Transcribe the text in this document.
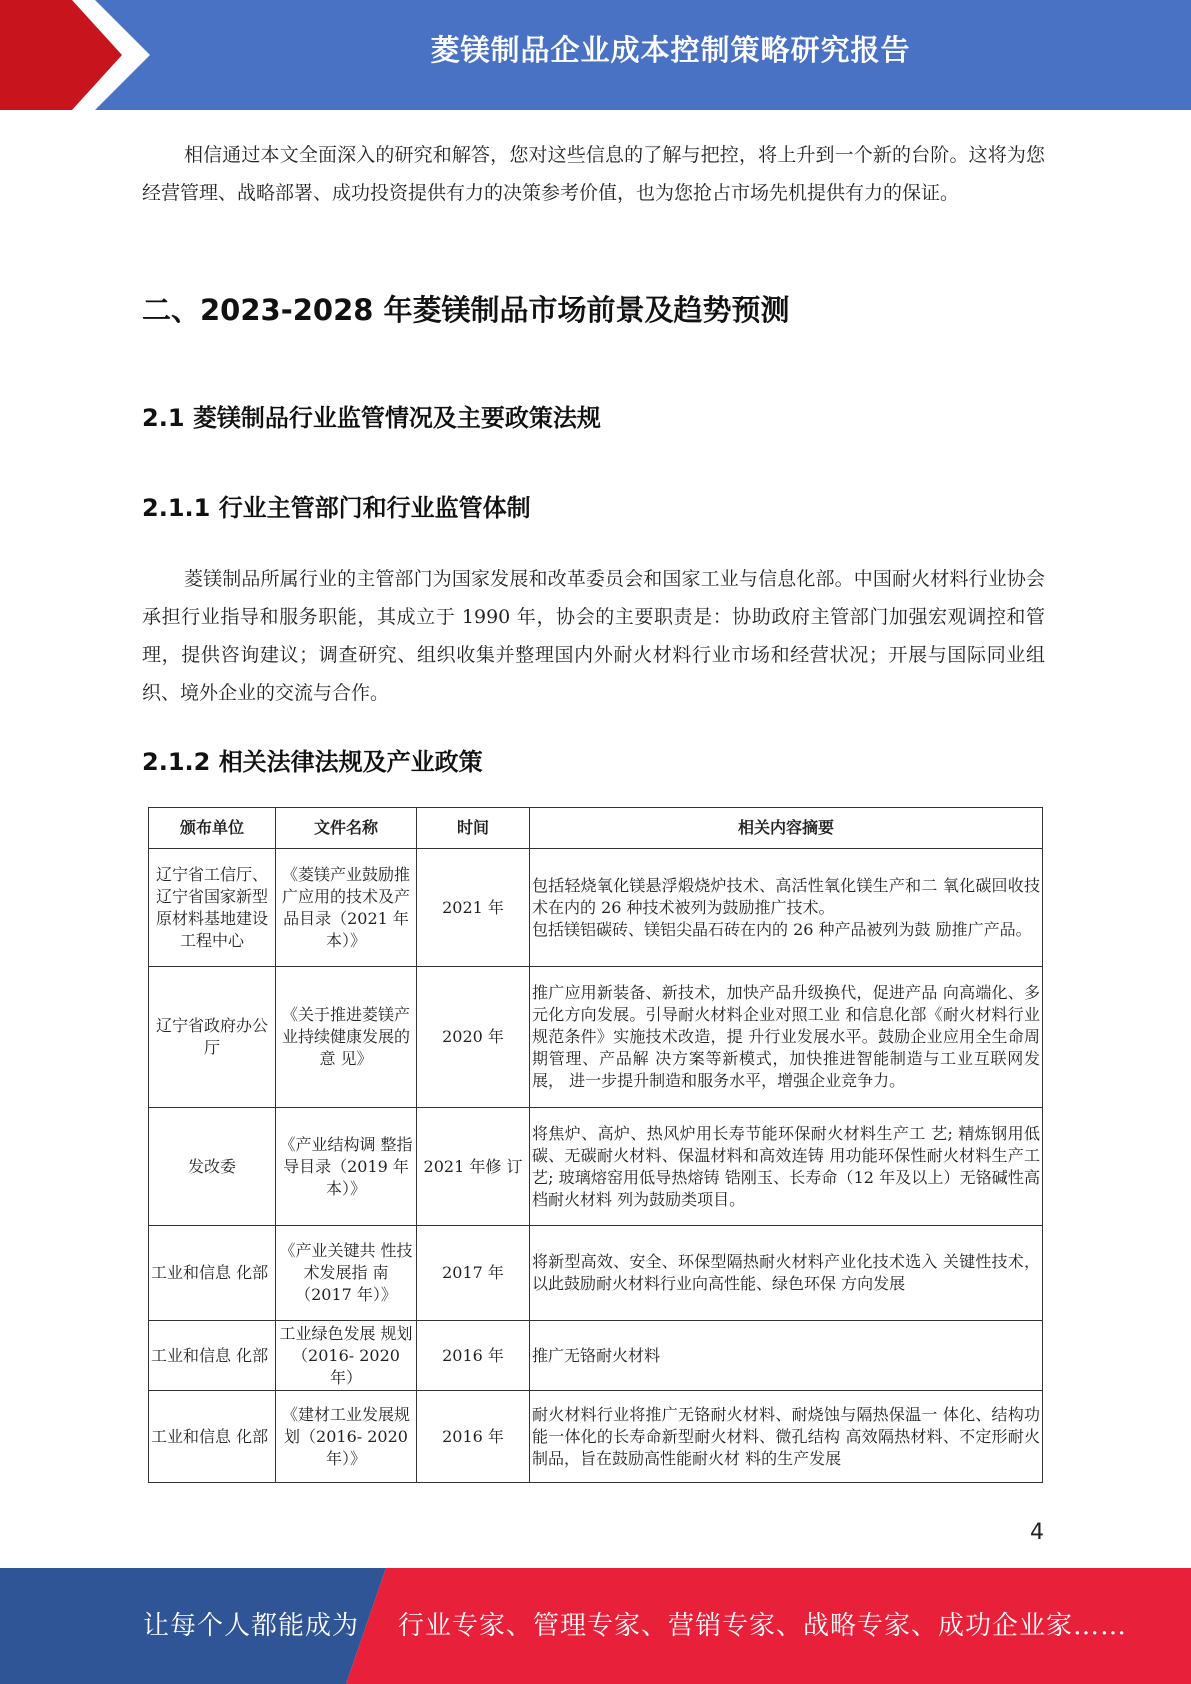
菱镁制品企业成本控制策略研究报告

相信通过本文全面深入的研究和解答，您对这些信息的了解与把控，将上升到一个新的台阶。这将为您经营管理、战略部署、成功投资提供有力的决策参考价值，也为您抢占市场先机提供有力的保证。

二、2023-2028 年菱镁制品市场前景及趋势预测
2.1 菱镁制品行业监管情况及主要政策法规
2.1.1 行业主管部门和行业监管体制

菱镁制品所属行业的主管部门为国家发展和改革委员会和国家工业与信息化部。中国耐火材料行业协会承担行业指导和服务职能，其成立于 1990 年，协会的主要职责是：协助政府主管部门加强宏观调控和管理，提供咨询建议；调查研究、组织收集并整理国内外耐火材料行业市场和经营状况；开展与国际同业组织、境外企业的交流与合作。

2.1.2 相关法律法规及产业政策
颁布单位	文件名称	时间	相关内容摘要
辽宁省工信厅、辽宁省国家新型原材料基地建设工程中心	《菱镁产业鼓励推广应用的技术及产品目录（2021 年本）》	2021 年	包括轻烧氧化镁悬浮煅烧炉技术、高活性氧化镁生产和二 氧化碳回收技术在内的 26 种技术被列为鼓励推广技术。
包括镁铝碳砖、镁铝尖晶石砖在内的 26 种产品被列为鼓 励推广产品。
辽宁省政府办公厅	《关于推进菱镁产业持续健康发展的意 见》	2020 年	推广应用新装备、新技术，加快产品升级换代，促进产品 向高端化、多元化方向发展。引导耐火材料企业对照工业 和信息化部《耐火材料行业规范条件》实施技术改造，提 升行业发展水平。鼓励企业应用全生命周期管理、产品解 决方案等新模式，加快推进智能制造与工业互联网发展， 进一步提升制造和服务水平，增强企业竞争力。
发改委	《产业结构调 整指导目录（2019 年本）》	2021 年修 订	将焦炉、高炉、热风炉用长寿节能环保耐火材料生产工 艺; 精炼钢用低碳、无碳耐火材料、保温材料和高效连铸 用功能环保性耐火材料生产工艺; 玻璃熔窑用低导热熔铸 锆刚玉、长寿命（12 年及以上）无铬碱性高档耐火材料 列为鼓励类项目。
工业和信息 化部	《产业关键共 性技术发展指 南（2017 年）》	2017 年	将新型高效、安全、环保型隔热耐火材料产业化技术选入 关键性技术，以此鼓励耐火材料行业向高性能、绿色环保 方向发展
工业和信息 化部	工业绿色发展 规划（2016- 2020 年）	2016 年	推广无铬耐火材料
工业和信息 化部	《建材工业发展规划（2016- 2020 年）》	2016 年	耐火材料行业将推广无铬耐火材料、耐烧蚀与隔热保温一 体化、结构功能一体化的长寿命新型耐火材料、微孔结构 高效隔热材料、不定形耐火制品，旨在鼓励高性能耐火材 料的生产发展
4
让每个人都能成为 行业专家、管理专家、营销专家、战略专家、成功企业家……
